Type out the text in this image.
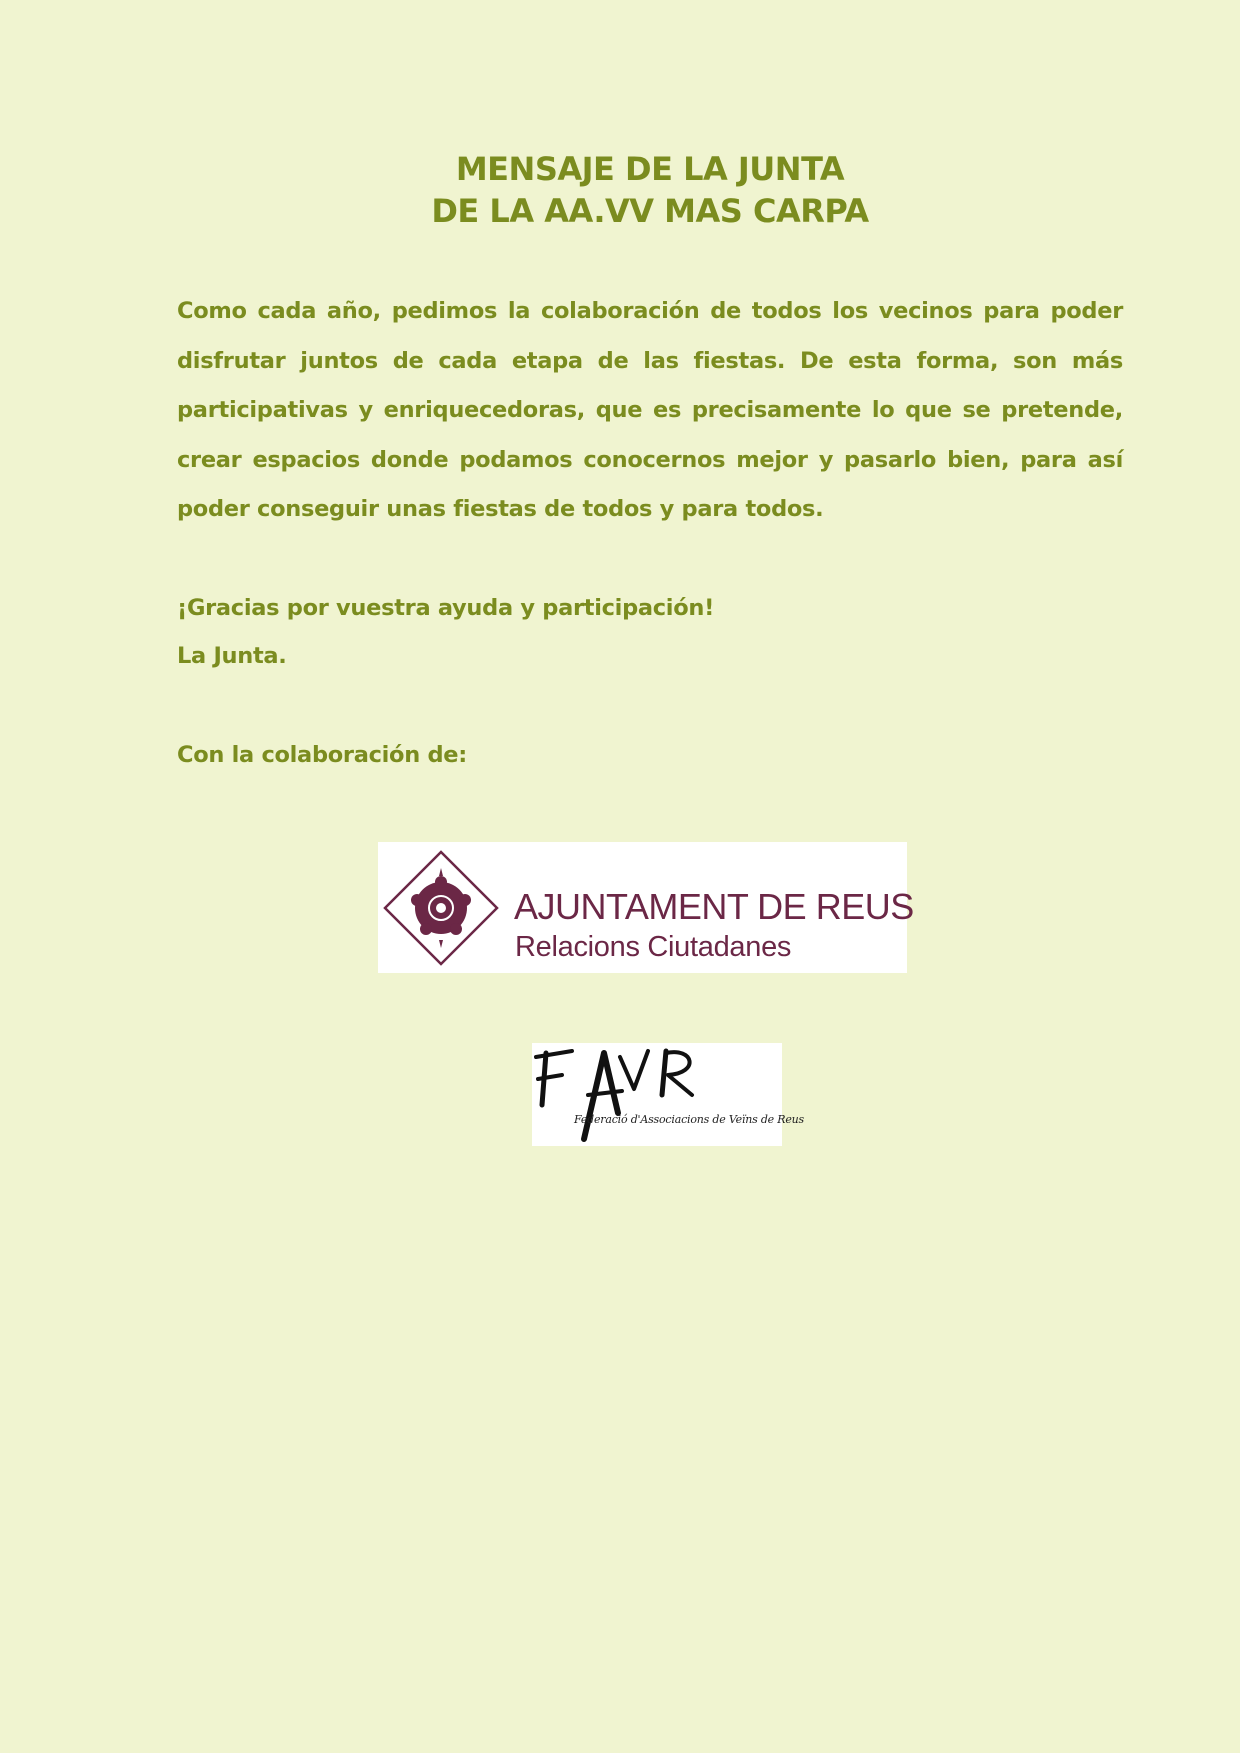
MENSAJE DE LA JUNTA
DE LA AA.VV MAS CARPA
Como cada año, pedimos la colaboración de todos los vecinos para poder disfrutar juntos de cada etapa de las fiestas. De esta forma, son más participativas y enriquecedoras, que es precisamente lo que se pretende, crear espacios donde podamos conocernos mejor y pasarlo bien, para así poder conseguir unas fiestas de todos y para todos.
¡Gracias por vuestra ayuda y participación!
La Junta.
Con la colaboración de:
AJUNTAMENT DE REUS
Relacions Ciutadanes
Federació d'Associacions de Veïns de Reus
